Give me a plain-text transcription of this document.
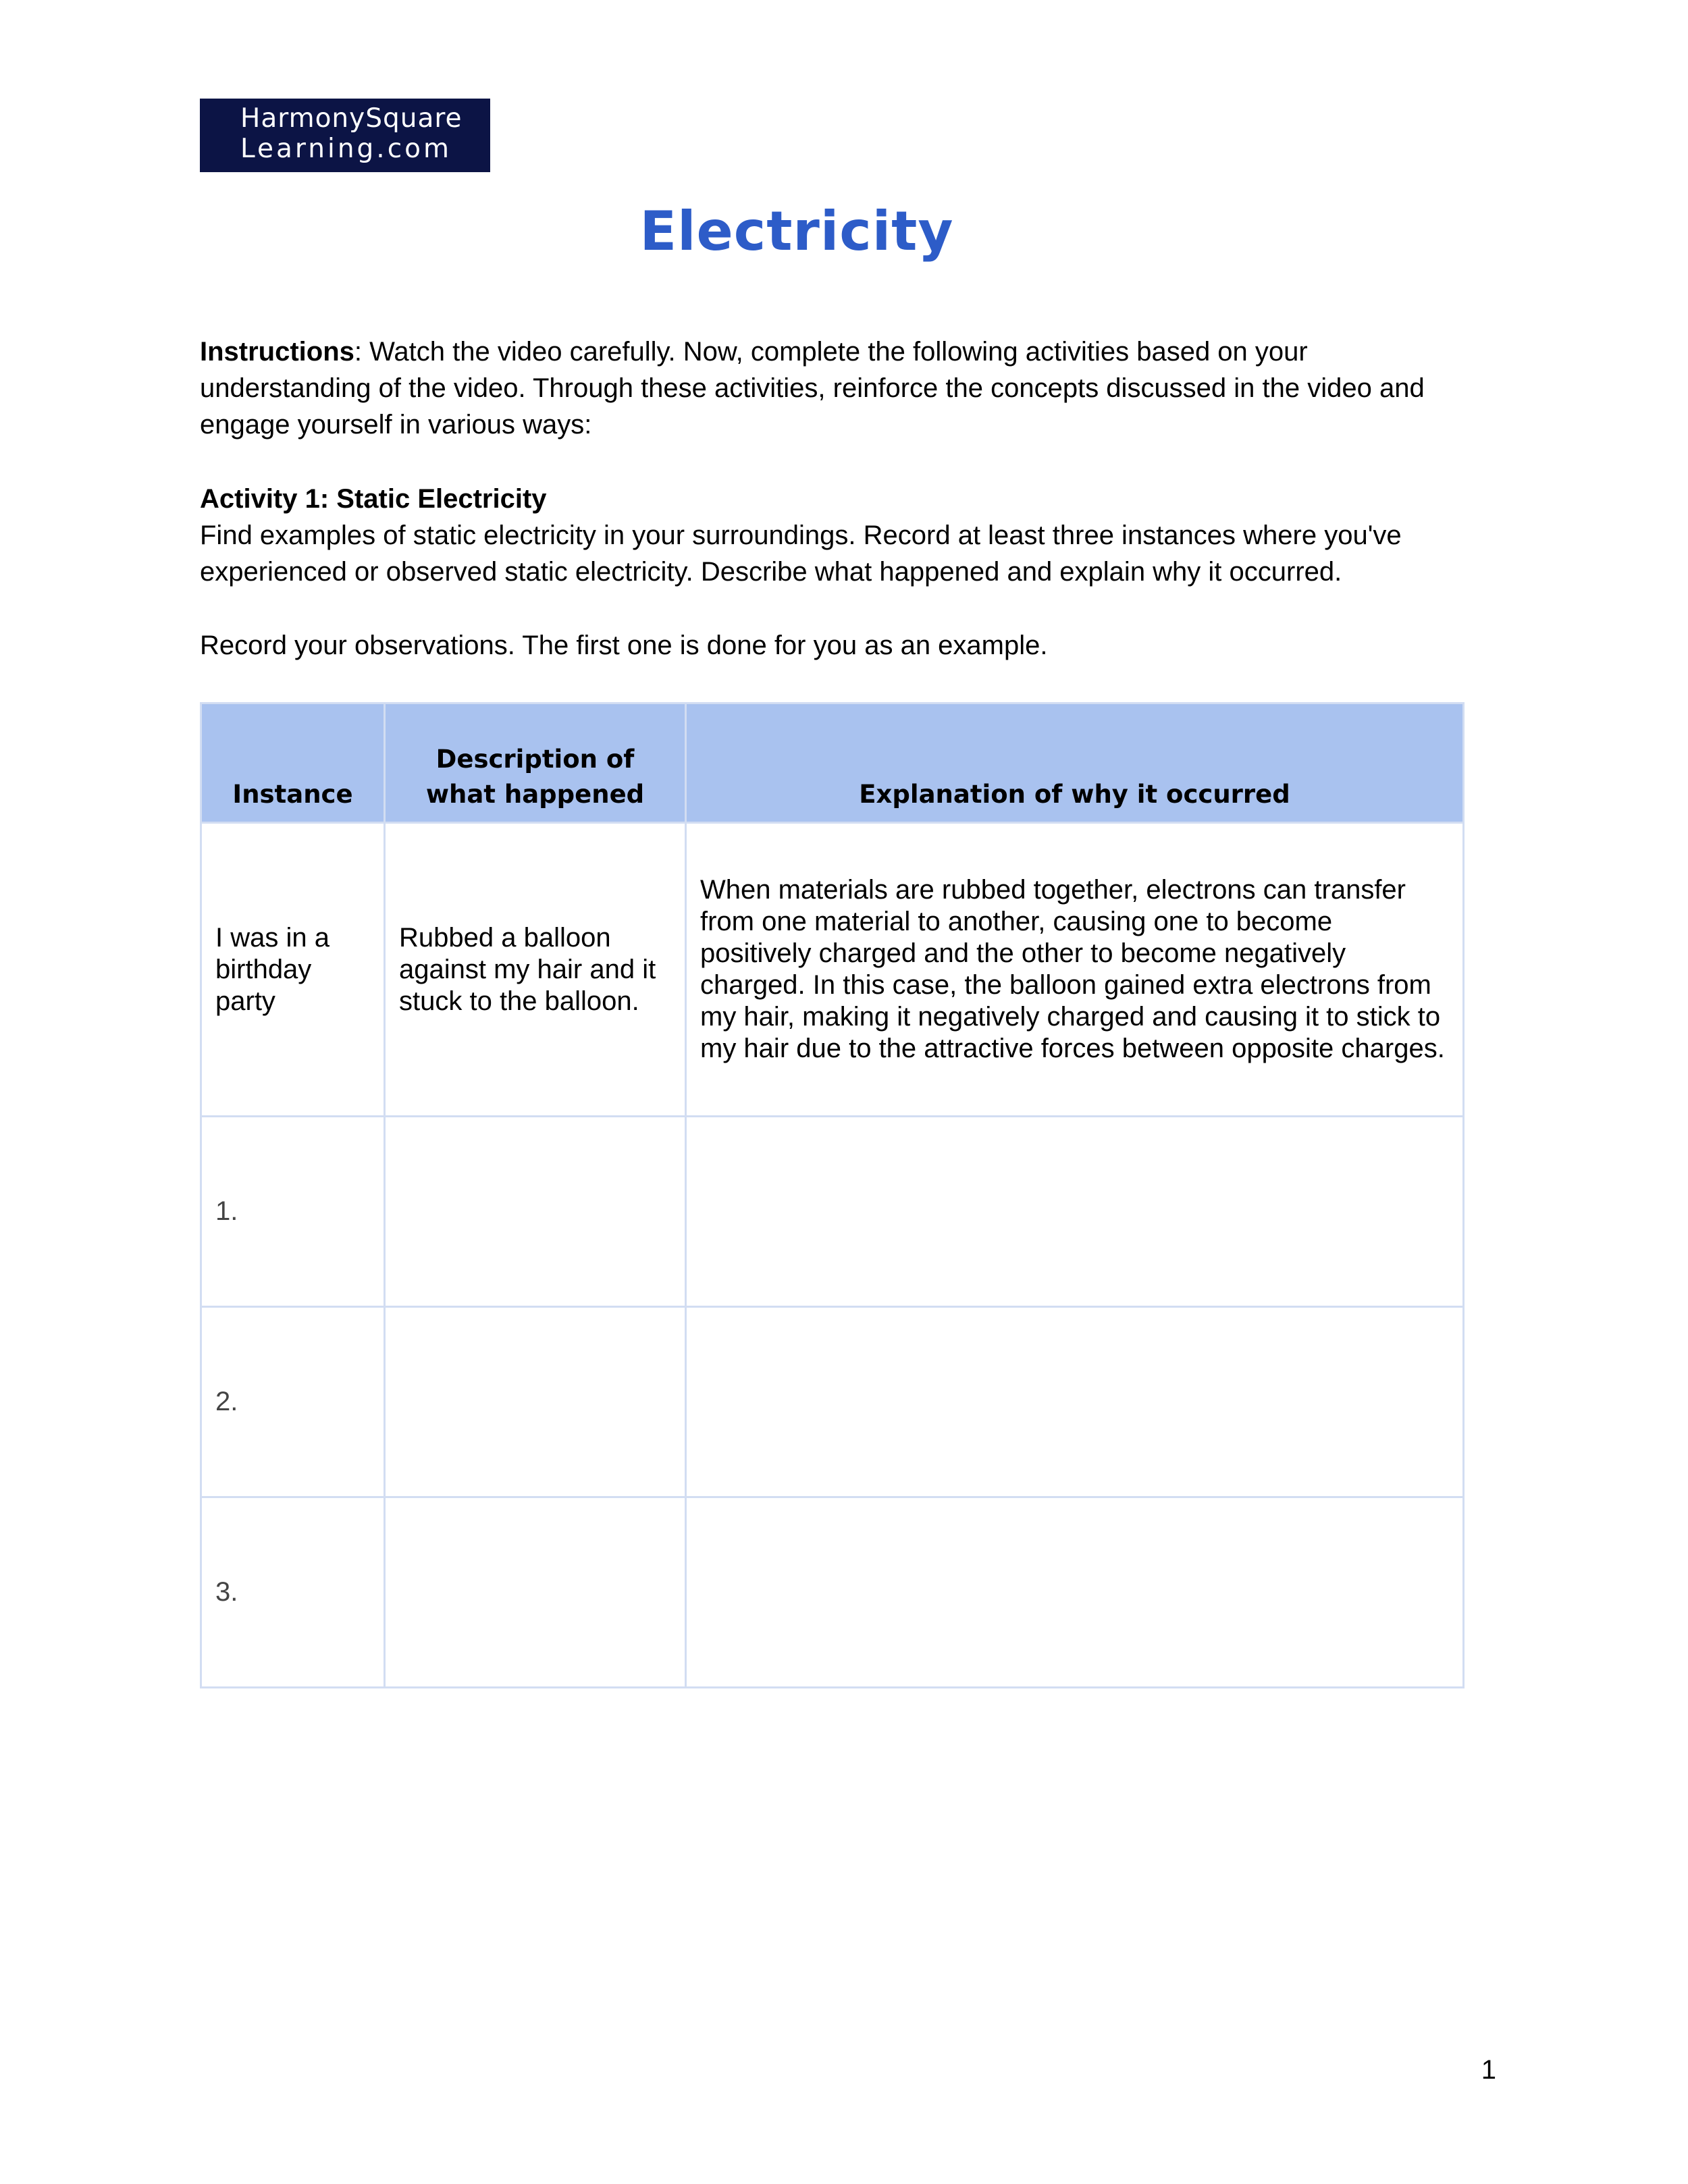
HarmonySquare
Learning.com
Electricity

Instructions: Watch the video carefully. Now, complete the following activities based on your understanding of the video. Through these activities, reinforce the concepts discussed in the video and engage yourself in various ways:

Activity 1: Static Electricity

Find examples of static electricity in your surroundings. Record at least three instances where you've experienced or observed static electricity. Describe what happened and explain why it occurred.

Record your observations. The first one is done for you as an example.

Instance	Description of what happened	Explanation of why it occurred
I was in a birthday party	Rubbed a balloon against my hair and it stuck to the balloon.	When materials are rubbed together, electrons can transfer from one material to another, causing one to become positively charged and the other to become negatively charged. In this case, the balloon gained extra electrons from my hair, making it negatively charged and causing it to stick to my hair due to the attractive forces between opposite charges.
1.		
2.		
3.		
1
